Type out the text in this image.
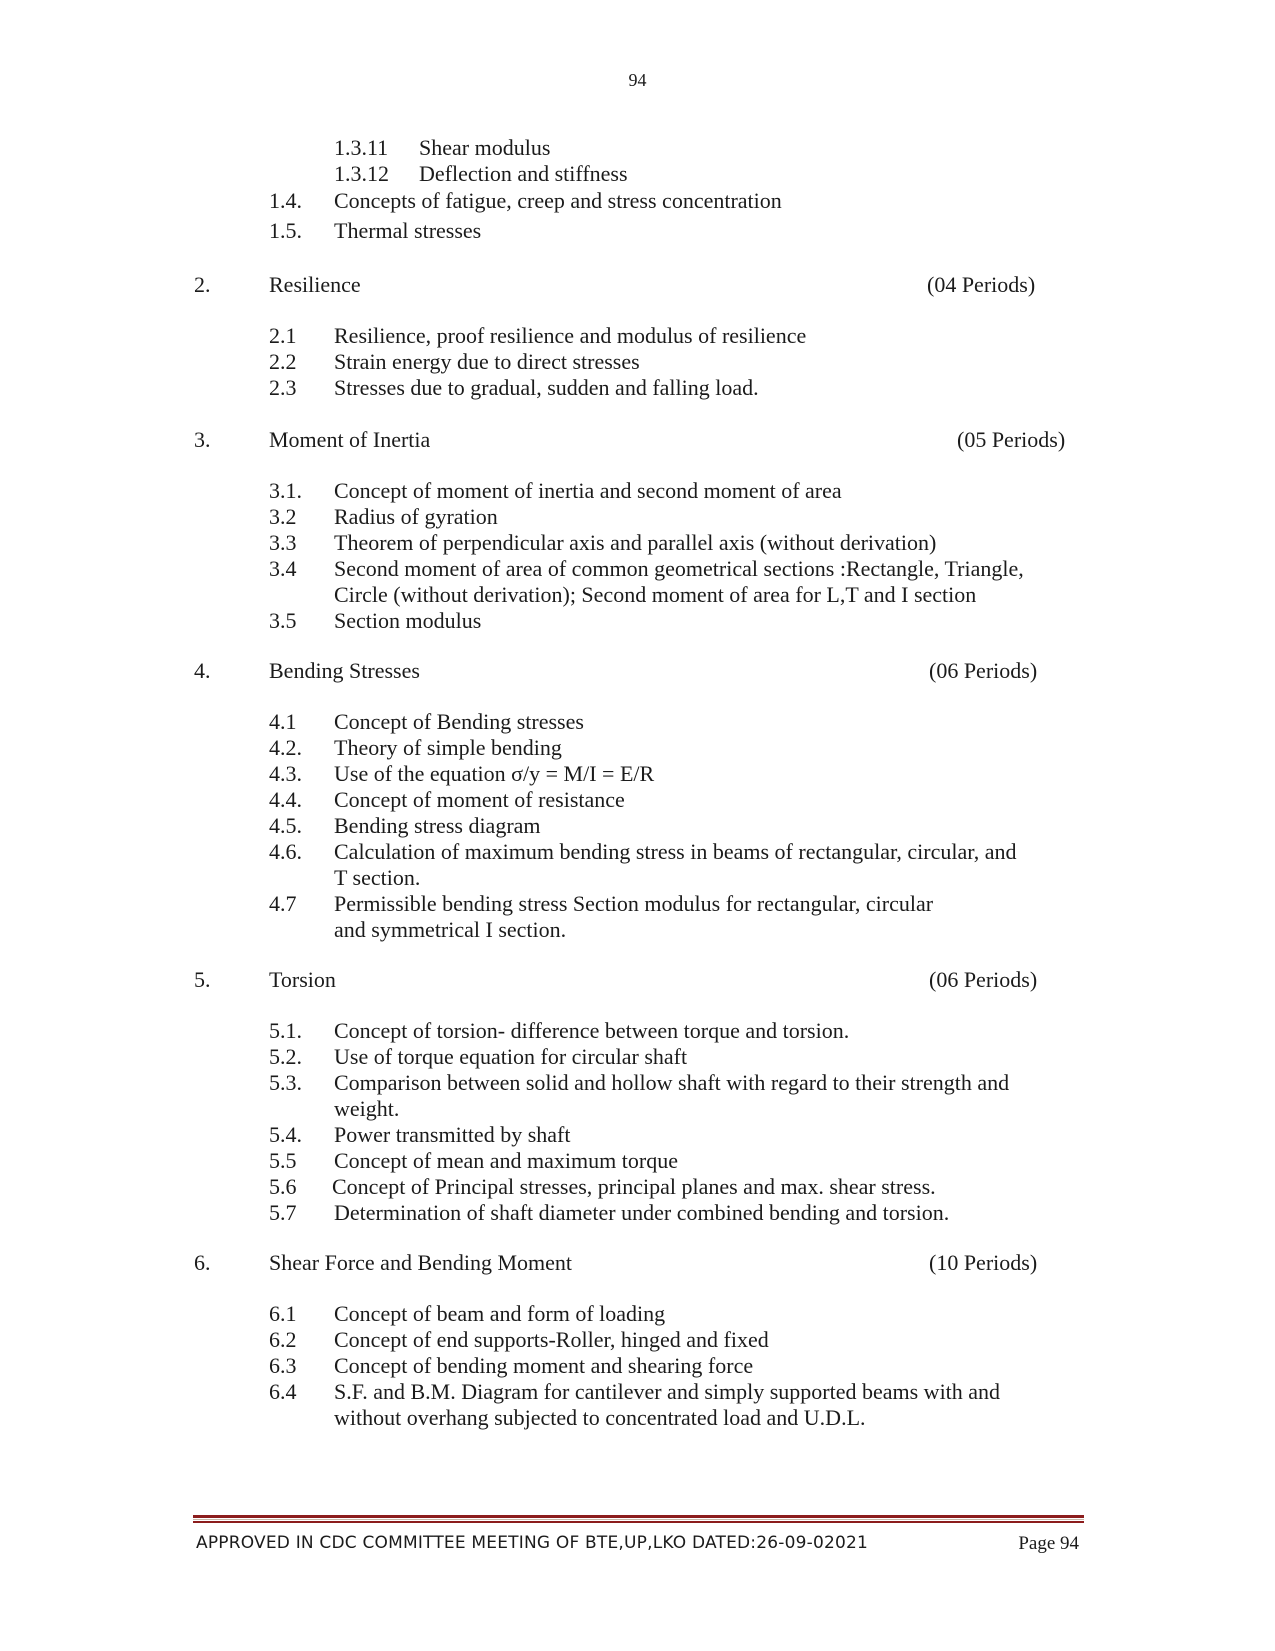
94
1.3.11 Shear modulus
1.3.12 Deflection and stiffness
1.4. Concepts of fatigue, creep and stress concentration
1.5. Thermal stresses
2.	Resilience	(04 Periods)
2.1 Resilience, proof resilience and modulus of resilience
2.2 Strain energy due to direct stresses
2.3 Stresses due to gradual, sudden and falling load.
3.	Moment of Inertia	(05 Periods)
3.1. Concept of moment of inertia and second moment of area
3.2 Radius of gyration
3.3 Theorem of perpendicular axis and parallel axis (without derivation)
3.4 Second moment of area of common geometrical sections :Rectangle, Triangle,
Circle (without derivation); Second moment of area for L,T and I section
3.5 Section modulus
4.	Bending Stresses	(06 Periods)
4.1 Concept of Bending stresses
4.2. Theory of simple bending
4.3. Use of the equation σ/y = M/I = E/R
4.4. Concept of moment of resistance
4.5. Bending stress diagram
4.6. Calculation of maximum bending stress in beams of rectangular, circular, and
T section.
4.7 Permissible bending stress Section modulus for rectangular, circular
and symmetrical I section.
5.	Torsion	(06 Periods)
5.1. Concept of torsion- difference between torque and torsion.
5.2. Use of torque equation for circular shaft
5.3. Comparison between solid and hollow shaft with regard to their strength and
weight.
5.4. Power transmitted by shaft
5.5 Concept of mean and maximum torque
5.6 Concept of Principal stresses, principal planes and max. shear stress.
5.7 Determination of shaft diameter under combined bending and torsion.
6.	Shear Force and Bending Moment	(10 Periods)
6.1 Concept of beam and form of loading
6.2 Concept of end supports-Roller, hinged and fixed
6.3 Concept of bending moment and shearing force
6.4 S.F. and B.M. Diagram for cantilever and simply supported beams with and
without overhang subjected to concentrated load and U.D.L.
APPROVED IN CDC COMMITTEE MEETING OF BTE,UP,LKO DATED:26-09-02021	Page 94
